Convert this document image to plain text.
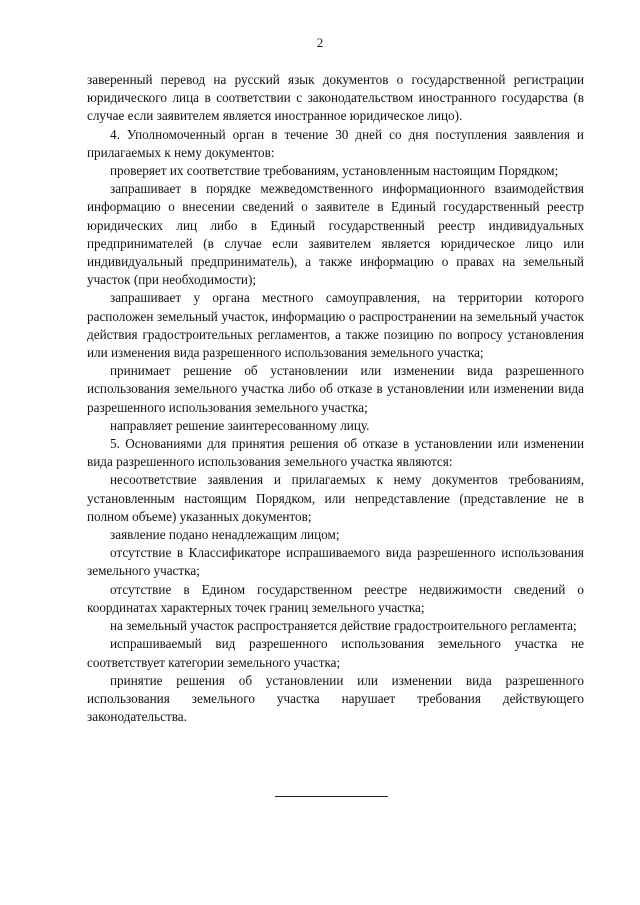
2

заверенный перевод на русский язык документов о государственной регистрации юридического лица в соответствии с законодательством иностранного государства (в случае если заявителем является иностранное юридическое лицо).

4. Уполномоченный орган в течение 30 дней со дня поступления заявления и прилагаемых к нему документов:

проверяет их соответствие требованиям, установленным настоящим Порядком;

запрашивает в порядке межведомственного информационного взаимодействия информацию о внесении сведений о заявителе в Единый государственный реестр юридических лиц либо в Единый государственный реестр индивидуальных предпринимателей (в случае если заявителем является юридическое лицо или индивидуальный предприниматель), а также информацию о правах на земельный участок (при необходимости);

запрашивает у органа местного самоуправления, на территории которого расположен земельный участок, информацию о распространении на земельный участок действия градостроительных регламентов, а также позицию по вопросу установления или изменения вида разрешенного использования земельного участка;

принимает решение об установлении или изменении вида разрешенного использования земельного участка либо об отказе в установлении или изменении вида разрешенного использования земельного участка;

направляет решение заинтересованному лицу.

5. Основаниями для принятия решения об отказе в установлении или изменении вида разрешенного использования земельного участка являются:

несоответствие заявления и прилагаемых к нему документов требованиям, установленным настоящим Порядком, или непредставление (представление не в полном объеме) указанных документов;

заявление подано ненадлежащим лицом;

отсутствие в Классификаторе испрашиваемого вида разрешенного использования земельного участка;

отсутствие в Едином государственном реестре недвижимости сведений о координатах характерных точек границ земельного участка;

на земельный участок распространяется действие градостроительного регламента;

испрашиваемый вид разрешенного использования земельного участка не соответствует категории земельного участка;

принятие решения об установлении или изменении вида разрешенного использования земельного участка нарушает требования действующего законодательства.
